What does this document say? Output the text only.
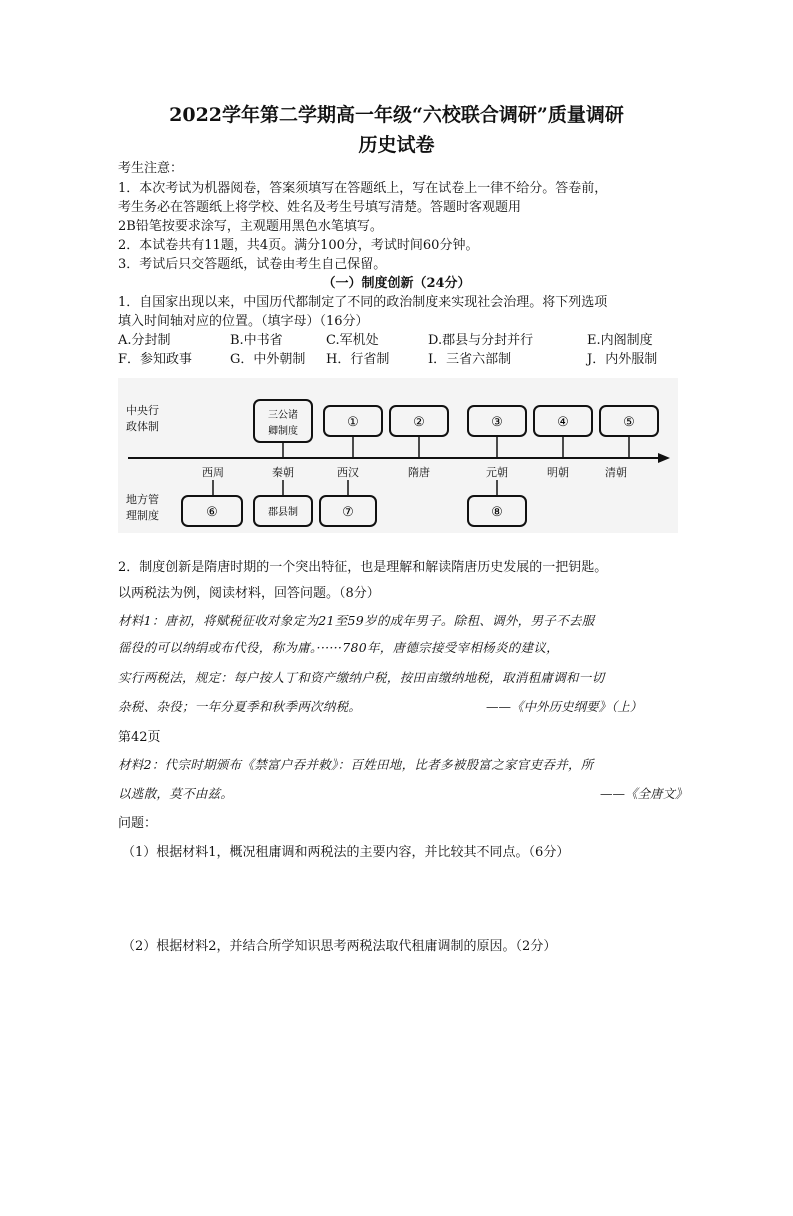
2022学年第二学期高一年级“六校联合调研”质量调研
历史试卷
考生注意：
1．本次考试为机器阅卷，答案须填写在答题纸上，写在试卷上一律不给分。答卷前，
考生务必在答题纸上将学校、姓名及考生号填写清楚。答题时客观题用
2B铅笔按要求涂写，主观题用黑色水笔填写。
2．本试卷共有11题，共4页。满分100分，考试时间60分钟。
3．考试后只交答题纸，试卷由考生自己保留。
（一）制度创新（24分）
1．自国家出现以来，中国历代都制定了不同的政治制度来实现社会治理。将下列选项
填入时间轴对应的位置。（填字母）（16分）
A.分封制	B.中书省	C.军机处	D.郡县与分封并行	E.内阁制度
F．参知政事	G．中外朝制 H．行省制	I．三省六部制	J．内外服制
中央行
政体制
地方管
理制度
三公诸
卿制度
①	②	③	④	⑤
西周	秦朝	西汉	隋唐	元朝	明朝	清朝
⑥	郡县制	⑦	⑧
2．制度创新是隋唐时期的一个突出特征，也是理解和解读隋唐历史发展的一把钥匙。
以两税法为例，阅读材料，回答问题。（8分）
材料1：唐初，将赋税征收对象定为21至59岁的成年男子。除租、调外，男子不去服
徭役的可以纳绢或布代役，称为庸。······780年，唐德宗接受宰相杨炎的建议，
实行两税法，规定：每户按人丁和资产缴纳户税，按田亩缴纳地税，取消租庸调和一切
杂税、杂役；一年分夏季和秋季两次纳税。	——《中外历史纲要》（上）
第42页
材料2：代宗时期颁布《禁富户吞并敕》：百姓田地，比者多被殷富之家官吏吞并，所
以逃散，莫不由兹。	——《全唐文》
问题：
（1）根据材料1，概况租庸调和两税法的主要内容，并比较其不同点。（6分）
（2）根据材料2，并结合所学知识思考两税法取代租庸调制的原因。（2分）
